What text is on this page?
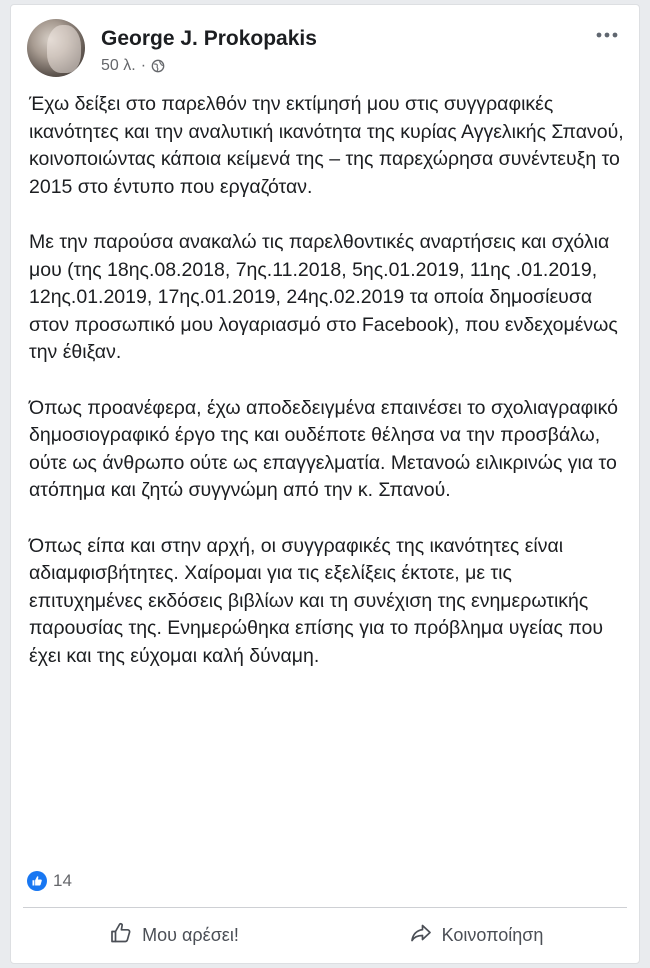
George J. Prokopakis
50 λ. ·

Έχω δείξει στο παρελθόν την εκτίμησή μου στις συγγραφικές ικανότητες και την αναλυτική ικανότητα της κυρίας Αγγελικής Σπανού, κοινοποιώντας κάποια κείμενά της – της παρεχώρησα συνέντευξη το 2015 στο έντυπο που εργαζόταν.

Με την παρούσα ανακαλώ τις παρελθοντικές αναρτήσεις και σχόλια μου (της 18ης.08.2018, 7ης.11.2018, 5ης.01.2019, 11ης .01.2019, 12ης.01.2019, 17ης.01.2019, 24ης.02.2019 τα οποία δημοσίευσα στον προσωπικό μου λογαριασμό στο Facebook), που ενδεχομένως την έθιξαν.

Όπως προανέφερα, έχω αποδεδειγμένα επαινέσει το σχολιαγραφικό δημοσιογραφικό έργο της και ουδέποτε θέλησα να την προσβάλω, ούτε ως άνθρωπο ούτε ως επαγγελματία. Μετανοώ ειλικρινώς για το ατόπημα και ζητώ συγγνώμη από την κ. Σπανού.

Όπως είπα και στην αρχή, οι συγγραφικές της ικανότητες είναι αδιαμφισβήτητες. Χαίρομαι για τις εξελίξεις έκτοτε, με τις επιτυχημένες εκδόσεις βιβλίων και τη συνέχιση της ενημερωτικής παρουσίας της. Ενημερώθηκα επίσης για το πρόβλημα υγείας που έχει και της εύχομαι καλή δύναμη.

14
Μου αρέσει!	Κοινοποίηση
